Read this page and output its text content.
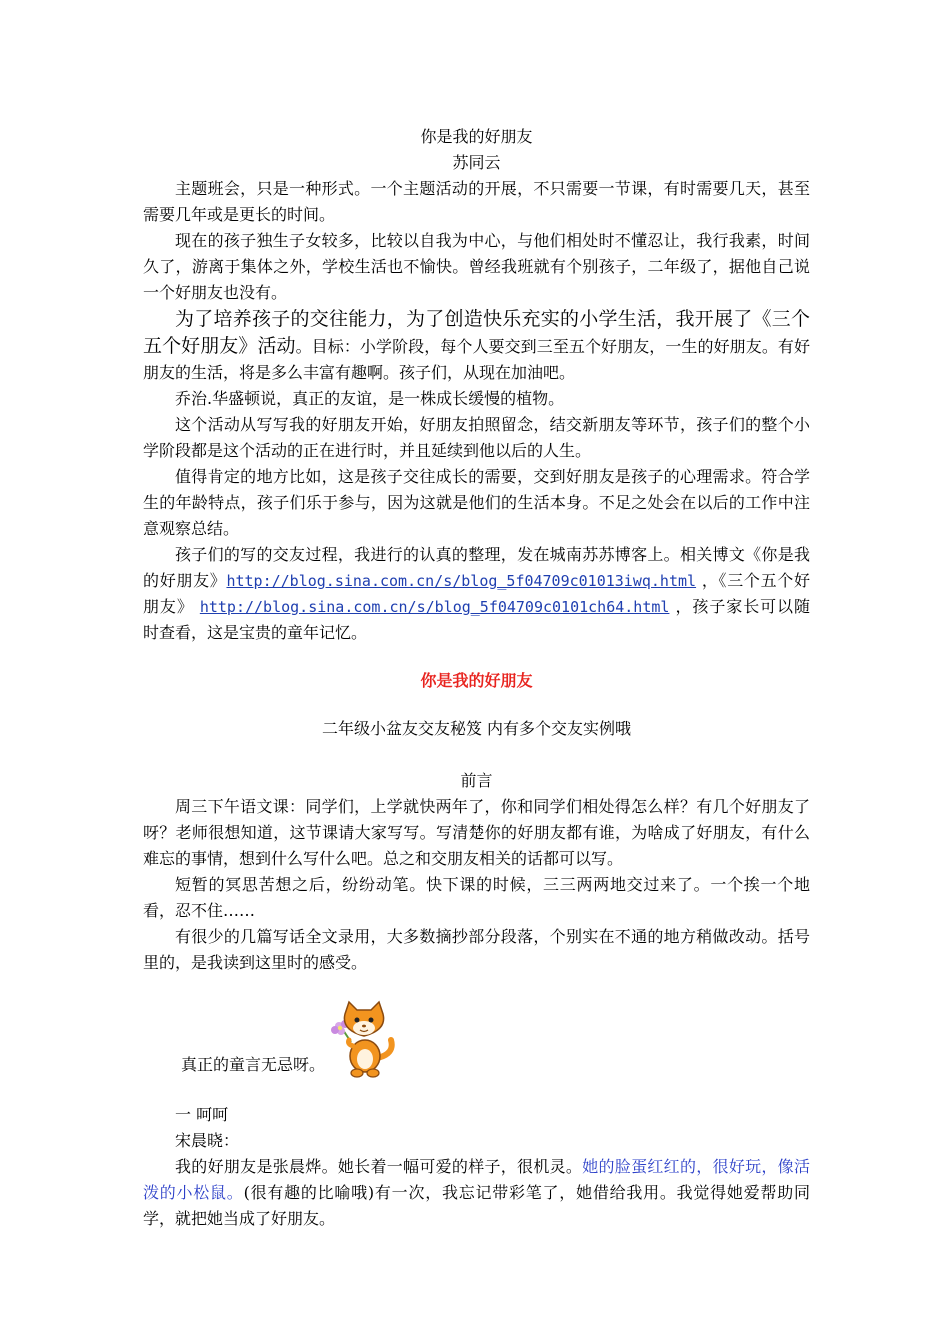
你是我的好朋友
苏同云

主题班会，只是一种形式。一个主题活动的开展，不只需要一节课，有时需要几天，甚至需要几年或是更长的时间。

现在的孩子独生子女较多，比较以自我为中心，与他们相处时不懂忍让，我行我素，时间久了，游离于集体之外，学校生活也不愉快。曾经我班就有个别孩子，二年级了，据他自己说一个好朋友也没有。

为了培养孩子的交往能力，为了创造快乐充实的小学生活，我开展了《三个五个好朋友》活动。目标：小学阶段，每个人要交到三至五个好朋友，一生的好朋友。有好朋友的生活，将是多么丰富有趣啊。孩子们，从现在加油吧。

乔治.华盛顿说，真正的友谊，是一株成长缓慢的植物。

这个活动从写写我的好朋友开始，好朋友拍照留念，结交新朋友等环节，孩子们的整个小学阶段都是这个活动的正在进行时，并且延续到他以后的人生。

值得肯定的地方比如，这是孩子交往成长的需要，交到好朋友是孩子的心理需求。符合学生的年龄特点，孩子们乐于参与，因为这就是他们的生活本身。不足之处会在以后的工作中注意观察总结。

孩子们的写的交友过程，我进行的认真的整理，发在城南苏苏博客上。相关博文《你是我的好朋友》http://blog.sina.com.cn/s/blog_5f04709c01013iwq.html ，《三个五个好朋友》 http://blog.sina.com.cn/s/blog_5f04709c0101ch64.html ，孩子家长可以随时查看，这是宝贵的童年记忆。

你是我的好朋友
二年级小盆友交友秘笈 内有多个交友实例哦
前言

周三下午语文课：同学们，上学就快两年了，你和同学们相处得怎么样？有几个好朋友了呀？老师很想知道，这节课请大家写写。写清楚你的好朋友都有谁，为啥成了好朋友，有什么难忘的事情，想到什么写什么吧。总之和交朋友相关的话都可以写。

短暂的冥思苦想之后，纷纷动笔。快下课的时候，三三两两地交过来了。一个挨一个地看，忍不住……

有很少的几篇写话全文录用，大多数摘抄部分段落，个别实在不通的地方稍做改动。括号里的，是我读到这里时的感受。

真正的童言无忌呀。

一 呵呵

宋晨晓：

我的好朋友是张晨烨。她长着一幅可爱的样子，很机灵。她的脸蛋红红的，很好玩，像活泼的小松鼠。(很有趣的比喻哦)有一次，我忘记带彩笔了，她借给我用。我觉得她爱帮助同学，就把她当成了好朋友。
